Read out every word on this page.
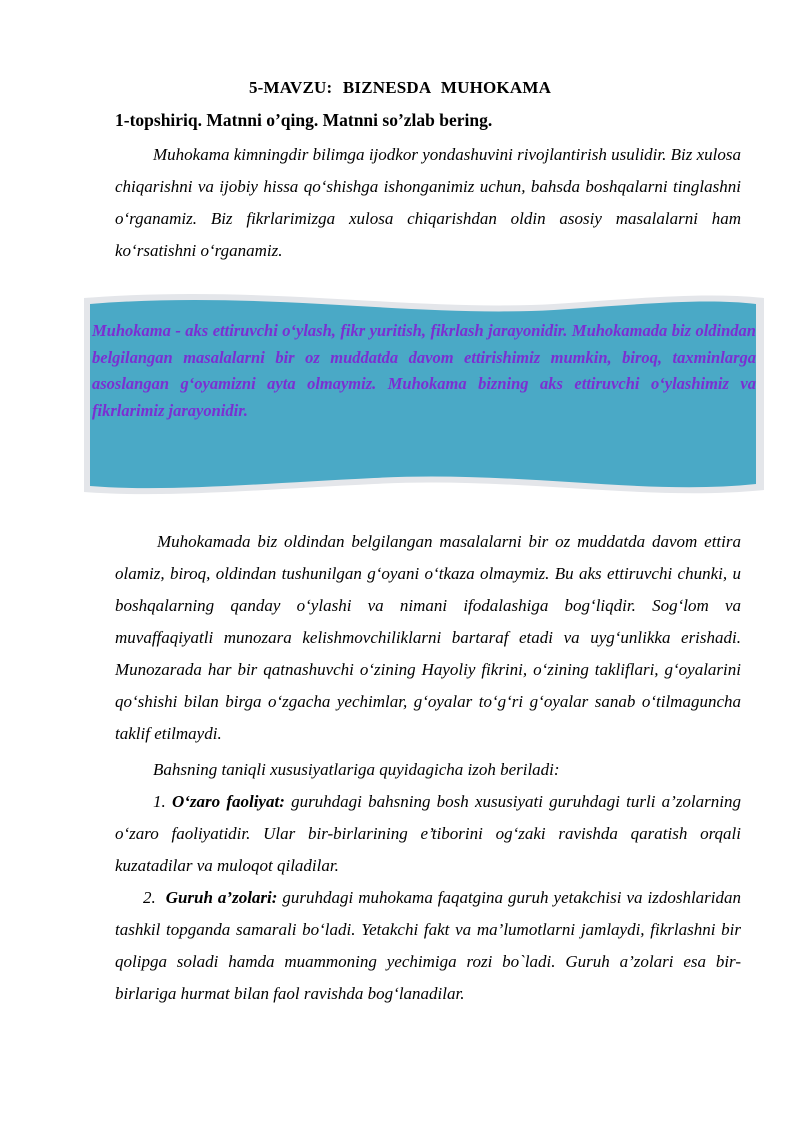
5-MAVZU: BIZNESDA MUHOKAMA
1-topshiriq. Matnni o’qing. Matnni so’zlab bering.

Muhokama kimningdir bilimga ijodkor yondashuvini rivojlantirish usulidir. Biz xulosa chiqarishni va ijobiy hissa qo‘shishga ishonganimiz uchun, bahsda boshqalarni tinglashni o‘rganamiz. Biz fikrlarimizga xulosa chiqarishdan oldin asosiy masalalarni ham ko‘rsatishni o‘rganamiz.

Muhokama - aks ettiruvchi o‘ylash, fikr yuritish, fikrlash jarayonidir. Muhokamada biz oldindan belgilangan masalalarni bir oz muddatda davom ettirishimiz mumkin, biroq, taxminlarga asoslangan g‘oyamizni ayta olmaymiz. Muhokama bizning aks ettiruvchi o‘ylashimiz va fikrlarimiz jarayonidir.

Muhokamada biz oldindan belgilangan masalalarni bir oz muddatda davom ettira olamiz, biroq, oldindan tushunilgan g‘oyani o‘tkaza olmaymiz. Bu aks ettiruvchi chunki, u boshqalarning qanday o‘ylashi va nimani ifodalashiga bog‘liqdir. Sog‘lom va muvaffaqiyatli munozara kelishmovchiliklarni bartaraf etadi va uyg‘unlikka erishadi. Munozarada har bir qatnashuvchi o‘zining Hayoliy fikrini, o‘zining takliflari, g‘oyalarini qo‘shishi bilan birga o‘zgacha yechimlar, g‘oyalar to‘g‘ri g‘oyalar sanab o‘tilmaguncha taklif etilmaydi.

Bahsning taniqli xususiyatlariga quyidagicha izoh beriladi:

1. O‘zaro faoliyat: guruhdagi bahsning bosh xususiyati guruhdagi turli a’zolarning o‘zaro faoliyatidir. Ular bir-birlarining e’tiborini og‘zaki ravishda qaratish orqali kuzatadilar va muloqot qiladilar.

2. Guruh a’zolari: guruhdagi muhokama faqatgina guruh yetakchisi va izdoshlaridan tashkil topganda samarali bo‘ladi. Yetakchi fakt va ma’lumotlarni jamlaydi, fikrlashni bir qolipga soladi hamda muammoning yechimiga rozi bo`ladi. Guruh a’zolari esa bir-birlariga hurmat bilan faol ravishda bog‘lanadilar.
